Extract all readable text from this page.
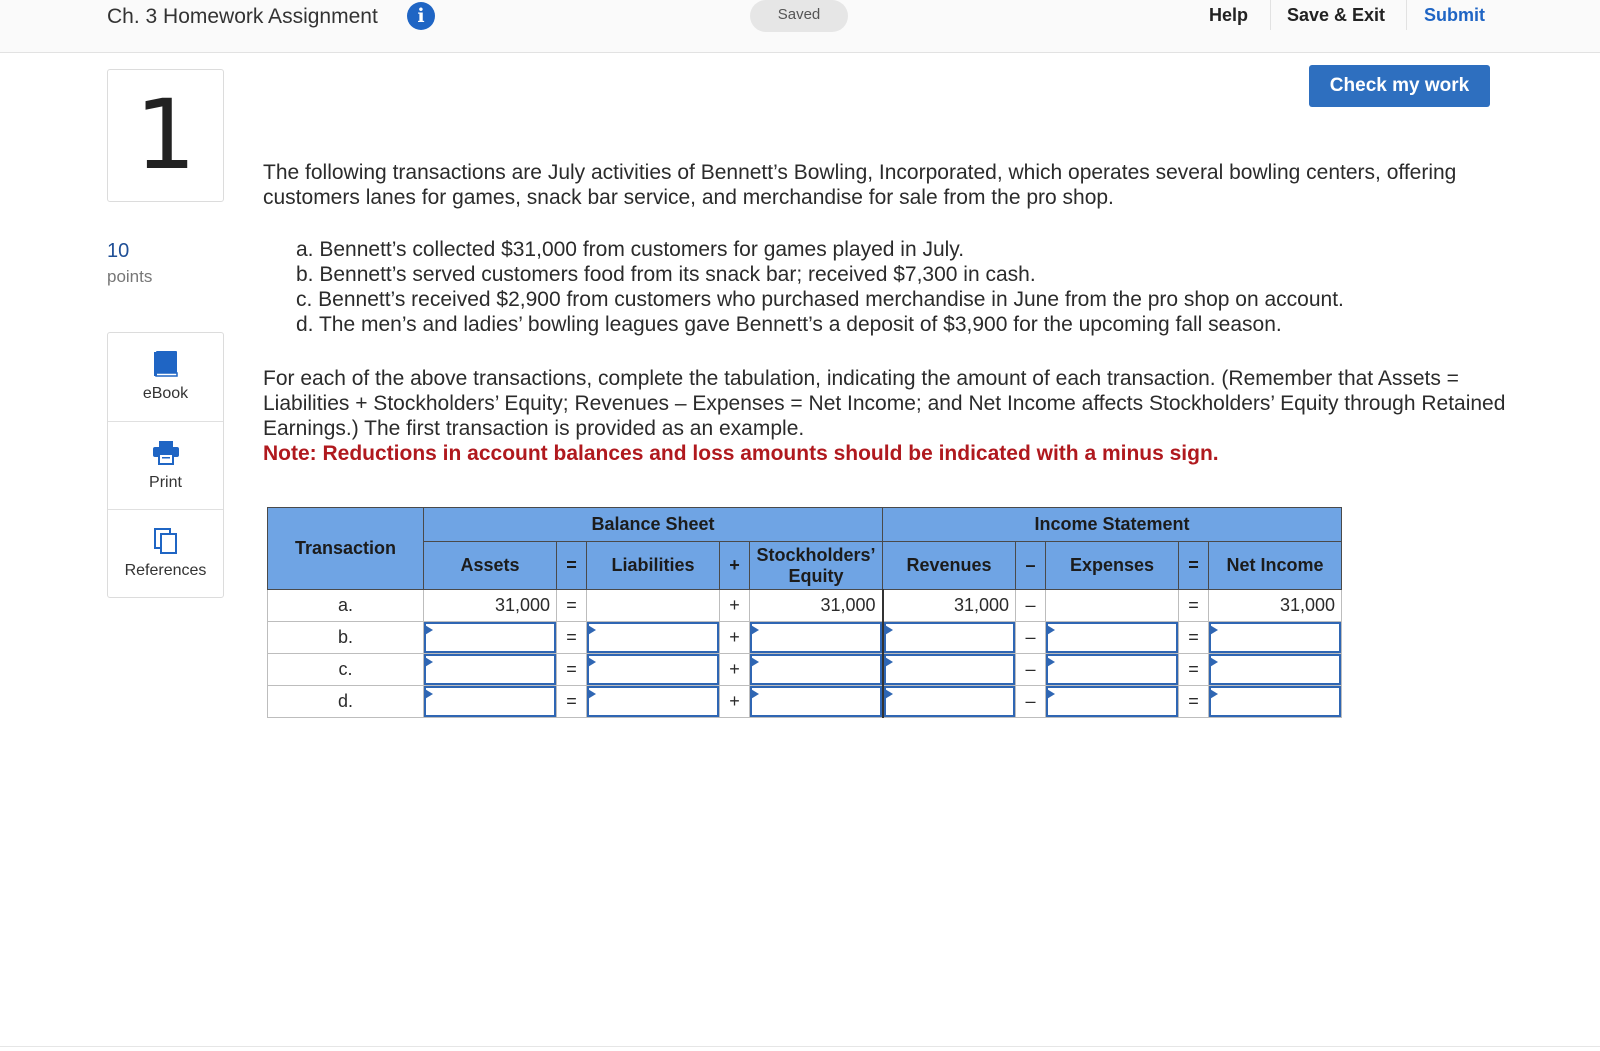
Ch. 3 Homework Assignment	i	Saved	Help Save & Exit Submit
1
10
points
eBook
Print
References
Check my work
The following transactions are July activities of Bennett’s Bowling, Incorporated, which operates several bowling centers, offering customers lanes for games, snack bar service, and merchandise for sale from the pro shop.
a. Bennett’s collected $31,000 from customers for games played in July.
b. Bennett’s served customers food from its snack bar; received $7,300 in cash.
c. Bennett’s received $2,900 from customers who purchased merchandise in June from the pro shop on account.
d. The men’s and ladies’ bowling leagues gave Bennett’s a deposit of $3,900 for the upcoming fall season.
For each of the above transactions, complete the tabulation, indicating the amount of each transaction. (Remember that Assets = Liabilities + Stockholders’ Equity; Revenues – Expenses = Net Income; and Net Income affects Stockholders’ Equity through Retained Earnings.) The first transaction is provided as an example.
Note: Reductions in account balances and loss amounts should be indicated with a minus sign.
Transaction	Balance Sheet					Income Statement				
	Assets	=	Liabilities	+	Stockholders’ Equity	Revenues	–	Expenses	=	Net Income
a.	31,000	=		+	31,000	31,000	–		=	31,000
b.		=		+			–		=	

c.		=		+			–		=	

d.		=		+			–		=	
